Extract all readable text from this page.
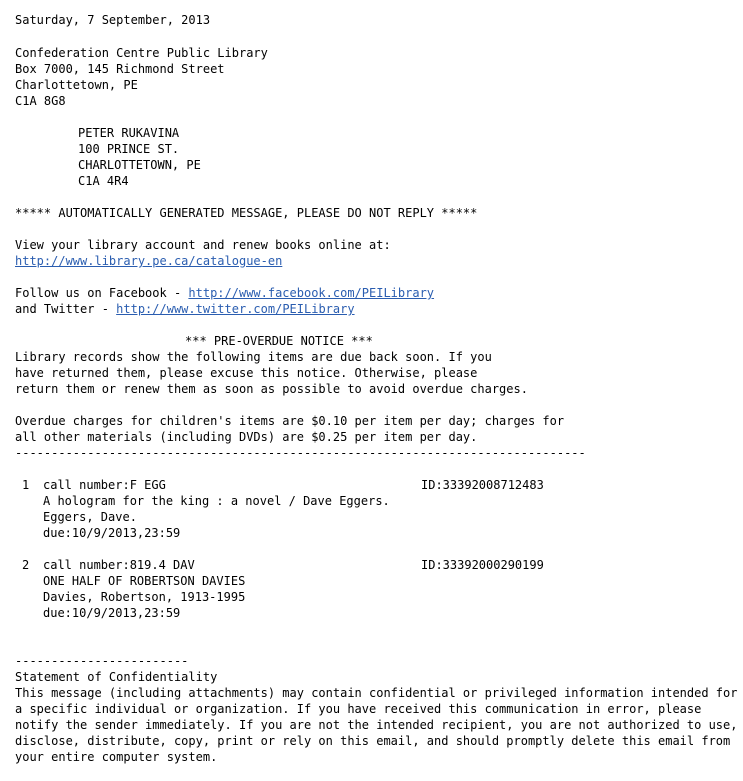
Saturday, 7 September, 2013
Confederation Centre Public Library
Box 7000, 145 Richmond Street
Charlottetown, PE
C1A 8G8
PETER RUKAVINA
100 PRINCE ST.
CHARLOTTETOWN, PE
C1A 4R4
***** AUTOMATICALLY GENERATED MESSAGE, PLEASE DO NOT REPLY *****
View your library account and renew books online at:
http://www.library.pe.ca/catalogue-en
Follow us on Facebook - http://www.facebook.com/PEILibrary
and Twitter - http://www.twitter.com/PEILibrary
*** PRE-OVERDUE NOTICE ***
Library records show the following items are due back soon. If you
have returned them, please excuse this notice. Otherwise, please
return them or renew them as soon as possible to avoid overdue charges.
Overdue charges for children's items are $0.10 per item per day; charges for
all other materials (including DVDs) are $0.25 per item per day.
-------------------------------------------------------------------------------
1 call number:F EGG	ID:33392008712483
A hologram for the king : a novel / Dave Eggers.
Eggers, Dave.
due:10/9/2013,23:59
2 call number:819.4 DAV	ID:33392000290199
ONE HALF OF ROBERTSON DAVIES
Davies, Robertson, 1913-1995
due:10/9/2013,23:59
------------------------
Statement of Confidentiality
This message (including attachments) may contain confidential or privileged information intended for
a specific individual or organization. If you have received this communication in error, please
notify the sender immediately. If you are not the intended recipient, you are not authorized to use,
disclose, distribute, copy, print or rely on this email, and should promptly delete this email from
your entire computer system.
